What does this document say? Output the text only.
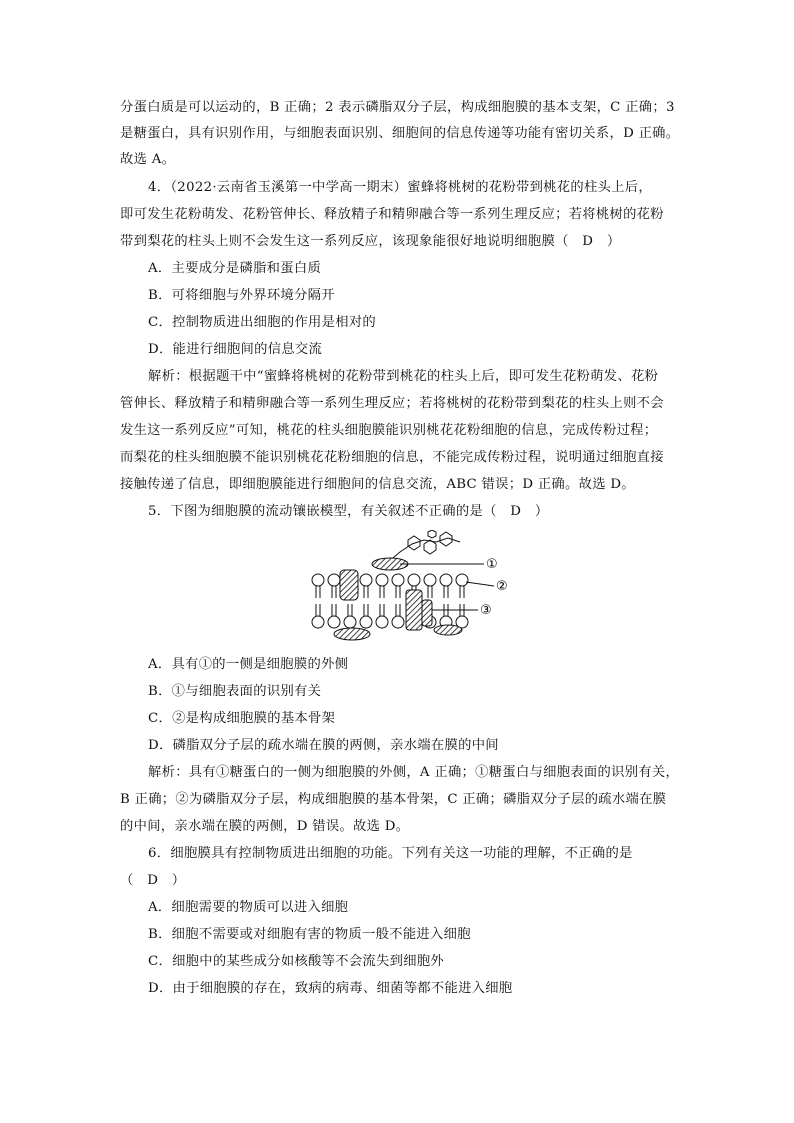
分蛋白质是可以运动的，B 正确；2 表示磷脂双分子层，构成细胞膜的基本支架，C 正确；3
是糖蛋白，具有识别作用，与细胞表面识别、细胞间的信息传递等功能有密切关系，D 正确。
故选 A。
4．（2022·云南省玉溪第一中学高一期末）蜜蜂将桃树的花粉带到桃花的柱头上后，
即可发生花粉萌发、花粉管伸长、释放精子和精卵融合等一系列生理反应；若将桃树的花粉
带到梨花的柱头上则不会发生这一系列反应，该现象能很好地说明细胞膜（　D　）
A．主要成分是磷脂和蛋白质
B．可将细胞与外界环境分隔开
C．控制物质进出细胞的作用是相对的
D．能进行细胞间的信息交流
解析：根据题干中“蜜蜂将桃树的花粉带到桃花的柱头上后，即可发生花粉萌发、花粉
管伸长、释放精子和精卵融合等一系列生理反应；若将桃树的花粉带到梨花的柱头上则不会
发生这一系列反应”可知，桃花的柱头细胞膜能识别桃花花粉细胞的信息，完成传粉过程；
而梨花的柱头细胞膜不能识别桃花花粉细胞的信息，不能完成传粉过程，说明通过细胞直接
接触传递了信息，即细胞膜能进行细胞间的信息交流，ABC 错误；D 正确。故选 D。
5．下图为细胞膜的流动镶嵌模型，有关叙述不正确的是（　D　）
①
②
③
A．具有①的一侧是细胞膜的外侧
B．①与细胞表面的识别有关
C．②是构成细胞膜的基本骨架
D．磷脂双分子层的疏水端在膜的两侧，亲水端在膜的中间
解析：具有①糖蛋白的一侧为细胞膜的外侧，A 正确；①糖蛋白与细胞表面的识别有关，
B 正确；②为磷脂双分子层，构成细胞膜的基本骨架，C 正确；磷脂双分子层的疏水端在膜
的中间，亲水端在膜的两侧，D 错误。故选 D。
6．细胞膜具有控制物质进出细胞的功能。下列有关这一功能的理解，不正确的是
（　D　）
A．细胞需要的物质可以进入细胞
B．细胞不需要或对细胞有害的物质一般不能进入细胞
C．细胞中的某些成分如核酸等不会流失到细胞外
D．由于细胞膜的存在，致病的病毒、细菌等都不能进入细胞
